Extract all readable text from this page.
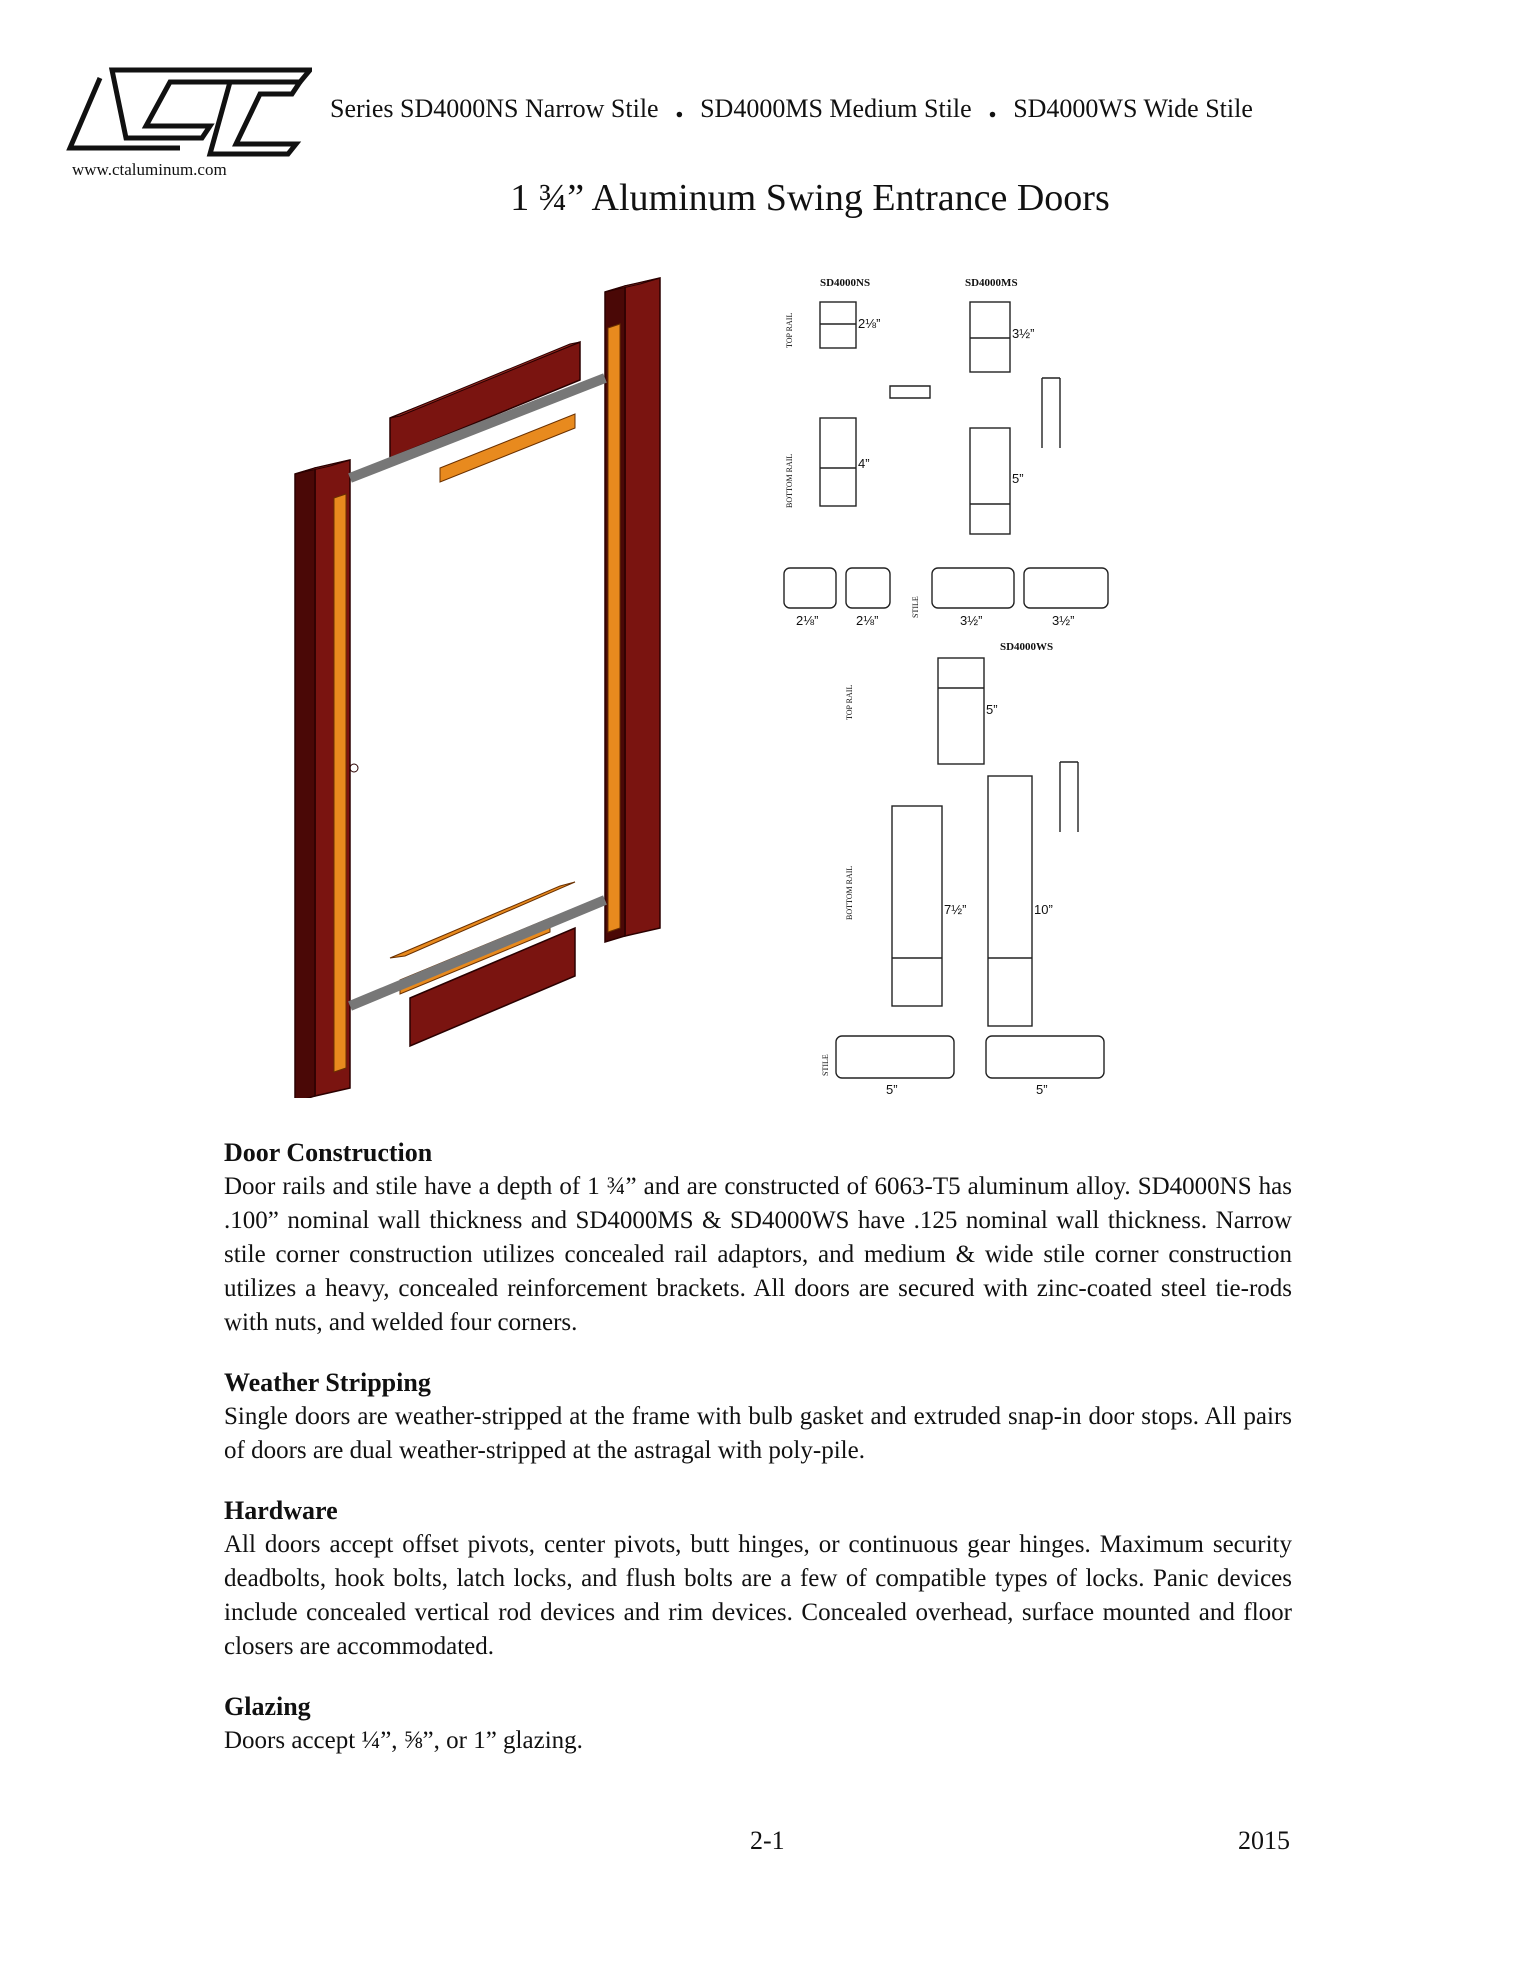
www.ctaluminum.com
Series SD4000NS Narrow Stile . SD4000MS Medium Stile . SD4000WS Wide Stile
1 ¾” Aluminum Swing Entrance Doors
SD4000NS	SD4000MS
SD4000WS
TOP RAIL
BOTTOM RAIL
STILE
TOP RAIL
BOTTOM RAIL
STILE
2⅛”
3½”
4”
5”
2⅛”	2⅛”	3½”	3½”
5”
7½”	10”
5”	5”
Door Construction

Door rails and stile have a depth of 1 ¾” and are constructed of 6063-T5 aluminum alloy. SD4000NS has .100” nominal wall thickness and SD4000MS & SD4000WS have .125 nominal wall thickness. Narrow stile corner construction utilizes concealed rail adaptors, and medium & wide stile corner construction utilizes a heavy, concealed reinforcement brackets. All doors are secured with zinc-coated steel tie-rods with nuts, and welded four corners.

Weather Stripping

Single doors are weather-stripped at the frame with bulb gasket and extruded snap-in door stops. All pairs of doors are dual weather-stripped at the astragal with poly-pile.

Hardware

All doors accept offset pivots, center pivots, butt hinges, or continuous gear hinges. Maximum security deadbolts, hook bolts, latch locks, and flush bolts are a few of compatible types of locks. Panic devices include concealed vertical rod devices and rim devices. Concealed overhead, surface mounted and floor closers are accommodated.

Glazing

Doors accept ¼”, ⅝”, or 1” glazing.

2-1	2015
